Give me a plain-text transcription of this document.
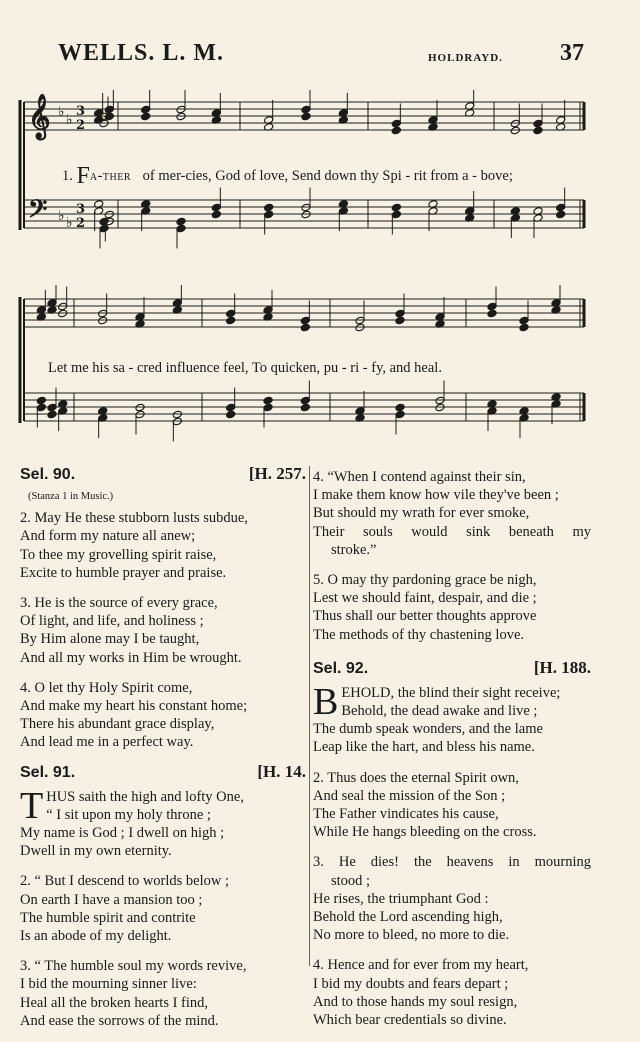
WELLS. L. M.	HOLDRAYD. 37
𝄞
𝄢
♭ ♭
♭ ♭
3
2
3
2
1. Fa-ther of mer-cies, God of love, Send down thy Spi - rit from a - bove;
Let me his sa - cred influence feel, To quicken, pu - ri - fy, and heal.
Sel. 90.	[H. 257.
(Stanza 1 in Music.)

2. May He these stubborn lusts subdue,

And form my nature all anew;

To thee my grovelling spirit raise,

Excite to humble prayer and praise.

3. He is the source of every grace,

Of light, and life, and holiness ;

By Him alone may I be taught,

And all my works in Him be wrought.

4. O let thy Holy Spirit come,

And make my heart his constant home;

There his abundant grace display,

And lead me in a perfect way.

Sel. 91.	[H. 14.
T HUS saith the high and lofty One,

“ I sit upon my holy throne ;

My name is God ; I dwell on high ;

Dwell in my own eternity.

2. “ But I descend to worlds below ;

On earth I have a mansion too ;

The humble spirit and contrite

Is an abode of my delight.

3. “ The humble soul my words revive,

I bid the mourning sinner live:

Heal all the broken hearts I find,

And ease the sorrows of the mind.

4. “When I contend against their sin,

I make them know how vile they've been ;

But should my wrath for ever smoke,

Their souls would sink beneath my

stroke.”

5. O may thy pardoning grace be nigh,

Lest we should faint, despair, and die ;

Thus shall our better thoughts approve

The methods of thy chastening love.

Sel. 92.	[H. 188.
B EHOLD, the blind their sight receive;

Behold, the dead awake and live ;

The dumb speak wonders, and the lame

Leap like the hart, and bless his name.

2. Thus does the eternal Spirit own,

And seal the mission of the Son ;

The Father vindicates his cause,

While He hangs bleeding on the cross.

3. He dies! the heavens in mourning

stood ;

He rises, the triumphant God :

Behold the Lord ascending high,

No more to bleed, no more to die.

4. Hence and for ever from my heart,

I bid my doubts and fears depart ;

And to those hands my soul resign,

Which bear credentials so divine.
